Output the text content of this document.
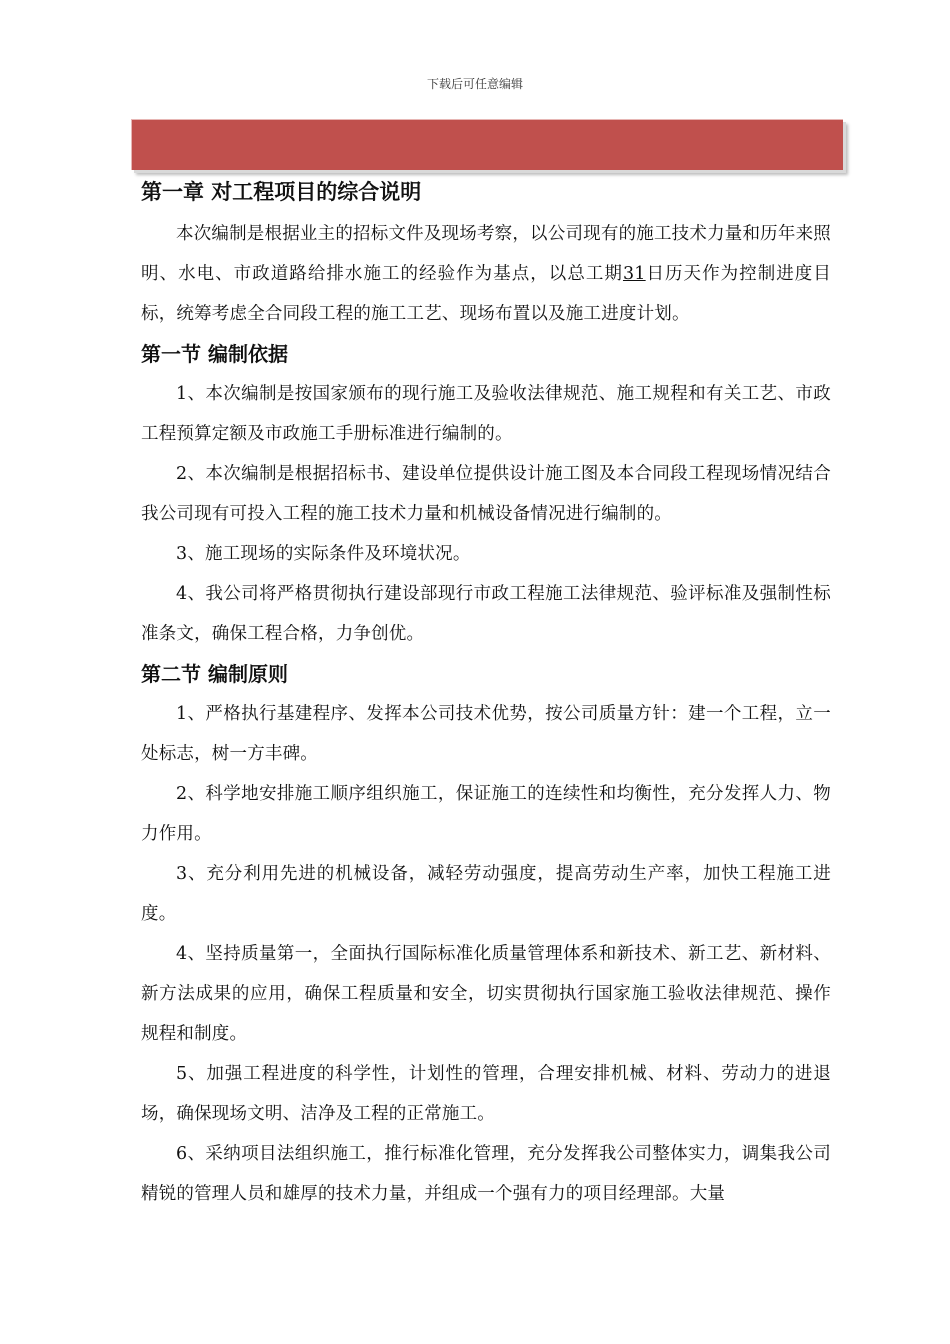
下载后可任意编辑
第一章 对工程项目的综合说明

本次编制是根据业主的招标文件及现场考察，以公司现有的施工技术力量和历年来照明、水电、市政道路给排水施工的经验作为基点，以总工期31日历天作为控制进度目标，统筹考虑全合同段工程的施工工艺、现场布置以及施工进度计划。

第一节 编制依据

1、本次编制是按国家颁布的现行施工及验收法律规范、施工规程和有关工艺、市政工程预算定额及市政施工手册标准进行编制的。

2、本次编制是根据招标书、建设单位提供设计施工图及本合同段工程现场情况结合我公司现有可投入工程的施工技术力量和机械设备情况进行编制的。

3、施工现场的实际条件及环境状况。

4、我公司将严格贯彻执行建设部现行市政工程施工法律规范、验评标准及强制性标准条文，确保工程合格，力争创优。

第二节 编制原则

1、严格执行基建程序、发挥本公司技术优势，按公司质量方针：建一个工程，立一处标志，树一方丰碑。

2、科学地安排施工顺序组织施工，保证施工的连续性和均衡性，充分发挥人力、物力作用。

3、充分利用先进的机械设备，减轻劳动强度，提高劳动生产率，加快工程施工进度。

4、坚持质量第一，全面执行国际标准化质量管理体系和新技术、新工艺、新材料、新方法成果的应用，确保工程质量和安全，切实贯彻执行国家施工验收法律规范、操作规程和制度。

5、加强工程进度的科学性，计划性的管理，合理安排机械、材料、劳动力的进退场，确保现场文明、洁净及工程的正常施工。

6、采纳项目法组织施工，推行标准化管理，充分发挥我公司整体实力，调集我公司精锐的管理人员和雄厚的技术力量，并组成一个强有力的项目经理部。大量
